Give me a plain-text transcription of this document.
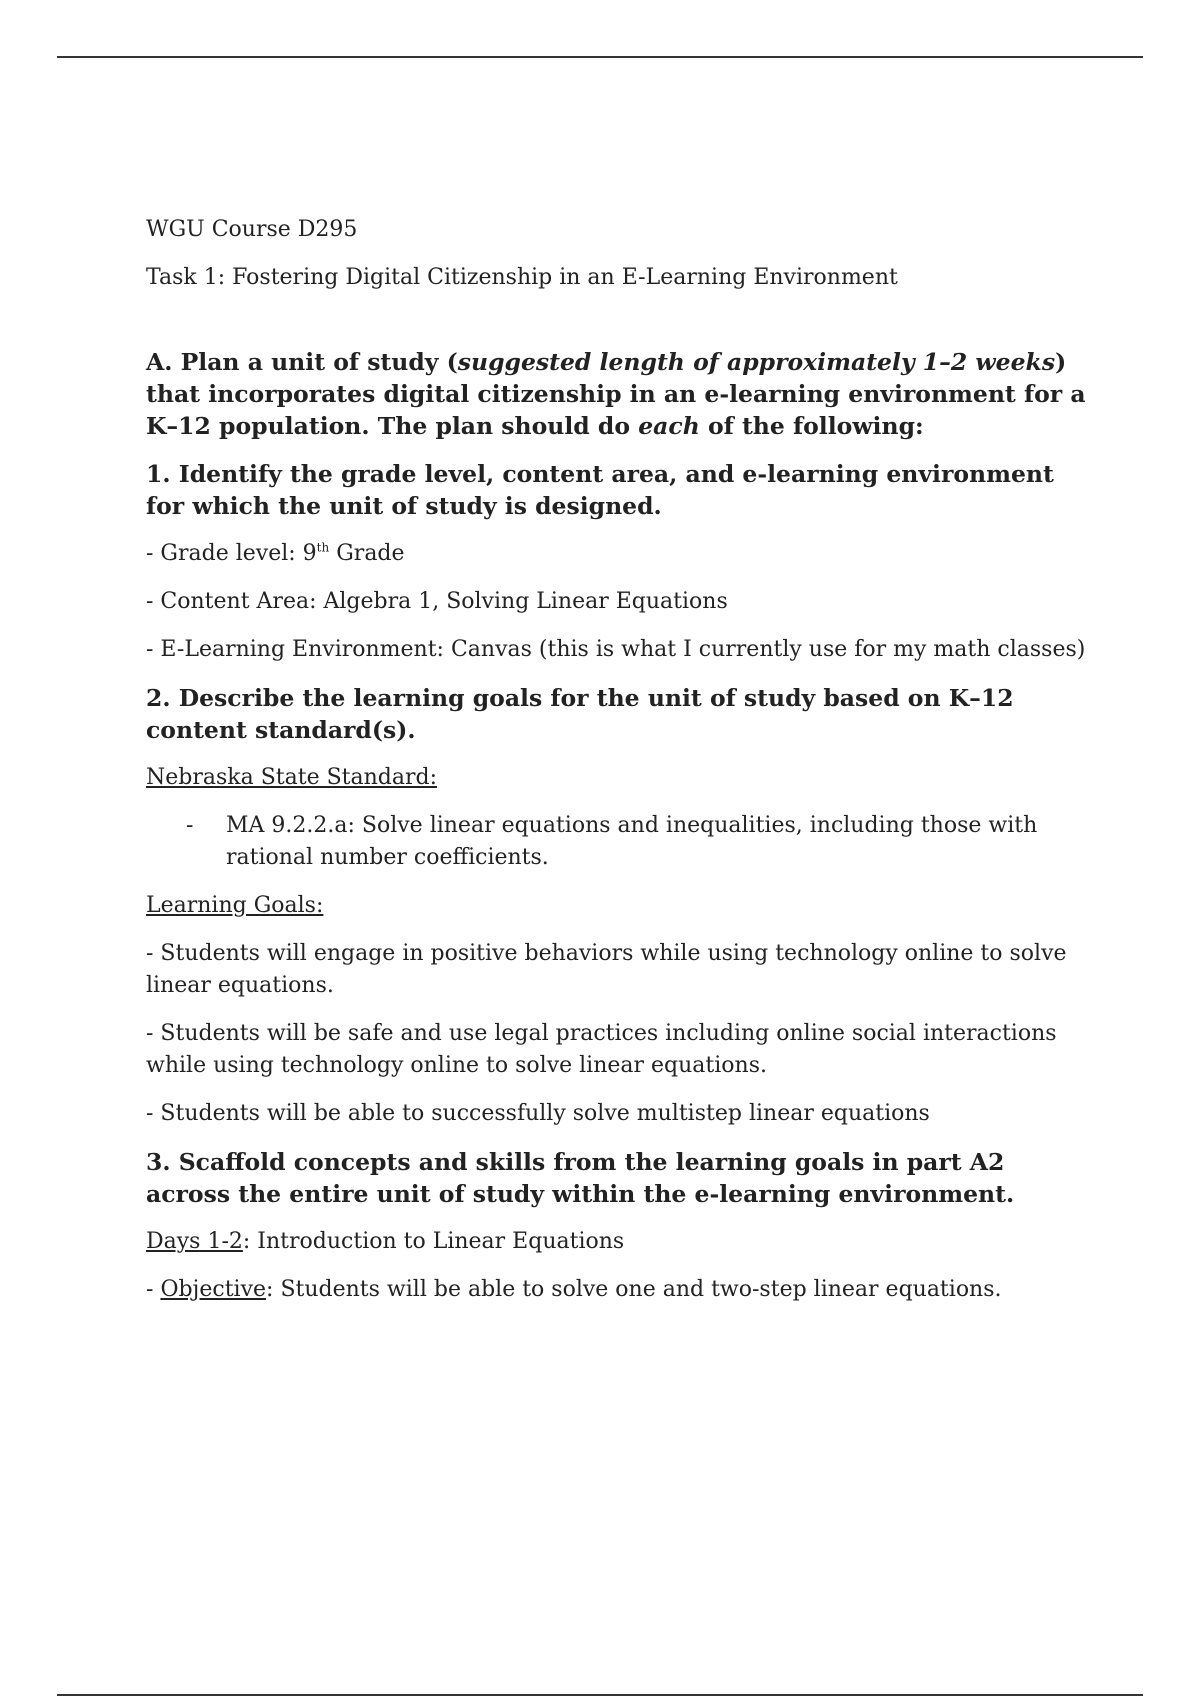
WGU Course D295

Task 1: Fostering Digital Citizenship in an E-Learning Environment

A. Plan a unit of study (suggested length of approximately 1–2 weeks) that incorporates digital citizenship in an e-learning environment for a K–12 population. The plan should do each of the following:

1. Identify the grade level, content area, and e-learning environment for which the unit of study is designed.

- Grade level: 9th Grade

- Content Area: Algebra 1, Solving Linear Equations

- E-Learning Environment: Canvas (this is what I currently use for my math classes)

2. Describe the learning goals for the unit of study based on K–12 content standard(s).

Nebraska State Standard:

-	MA 9.2.2.a: Solve linear equations and inequalities, including those with rational number coefficients.

Learning Goals:

- Students will engage in positive behaviors while using technology online to solve linear equations.

- Students will be safe and use legal practices including online social interactions while using technology online to solve linear equations.

- Students will be able to successfully solve multistep linear equations

3. Scaffold concepts and skills from the learning goals in part A2 across the entire unit of study within the e-learning environment.

Days 1-2: Introduction to Linear Equations

- Objective: Students will be able to solve one and two-step linear equations.
